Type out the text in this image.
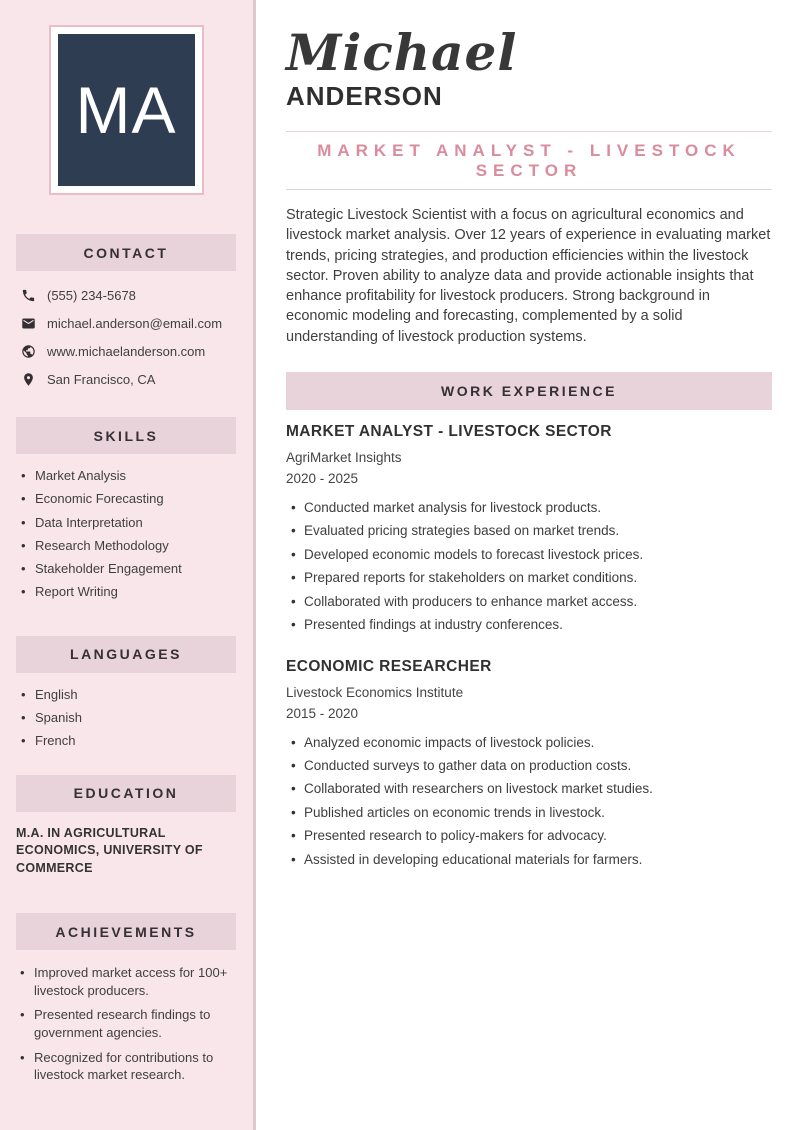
MA
CONTACT
(555) 234-5678
michael.anderson@email.com
www.michaelanderson.com
San Francisco, CA
SKILLS
• Market Analysis
• Economic Forecasting
• Data Interpretation
• Research Methodology
• Stakeholder Engagement
• Report Writing
LANGUAGES
• English
• Spanish
• French
EDUCATION
M.A. IN AGRICULTURAL ECONOMICS, UNIVERSITY OF COMMERCE
ACHIEVEMENTS
• Improved market access for 100+ livestock producers.
• Presented research findings to government agencies.
• Recognized for contributions to livestock market research.
Michael
ANDERSON
MARKET ANALYST - LIVESTOCK SECTOR

Strategic Livestock Scientist with a focus on agricultural economics and livestock market analysis. Over 12 years of experience in evaluating market trends, pricing strategies, and production efficiencies within the livestock sector. Proven ability to analyze data and provide actionable insights that enhance profitability for livestock producers. Strong background in economic modeling and forecasting, complemented by a solid understanding of livestock production systems.

WORK EXPERIENCE
MARKET ANALYST - LIVESTOCK SECTOR
AgriMarket Insights
2020 - 2025
• Conducted market analysis for livestock products.
• Evaluated pricing strategies based on market trends.
• Developed economic models to forecast livestock prices.
• Prepared reports for stakeholders on market conditions.
• Collaborated with producers to enhance market access.
• Presented findings at industry conferences.
ECONOMIC RESEARCHER
Livestock Economics Institute
2015 - 2020
• Analyzed economic impacts of livestock policies.
• Conducted surveys to gather data on production costs.
• Collaborated with researchers on livestock market studies.
• Published articles on economic trends in livestock.
• Presented research to policy-makers for advocacy.
• Assisted in developing educational materials for farmers.
